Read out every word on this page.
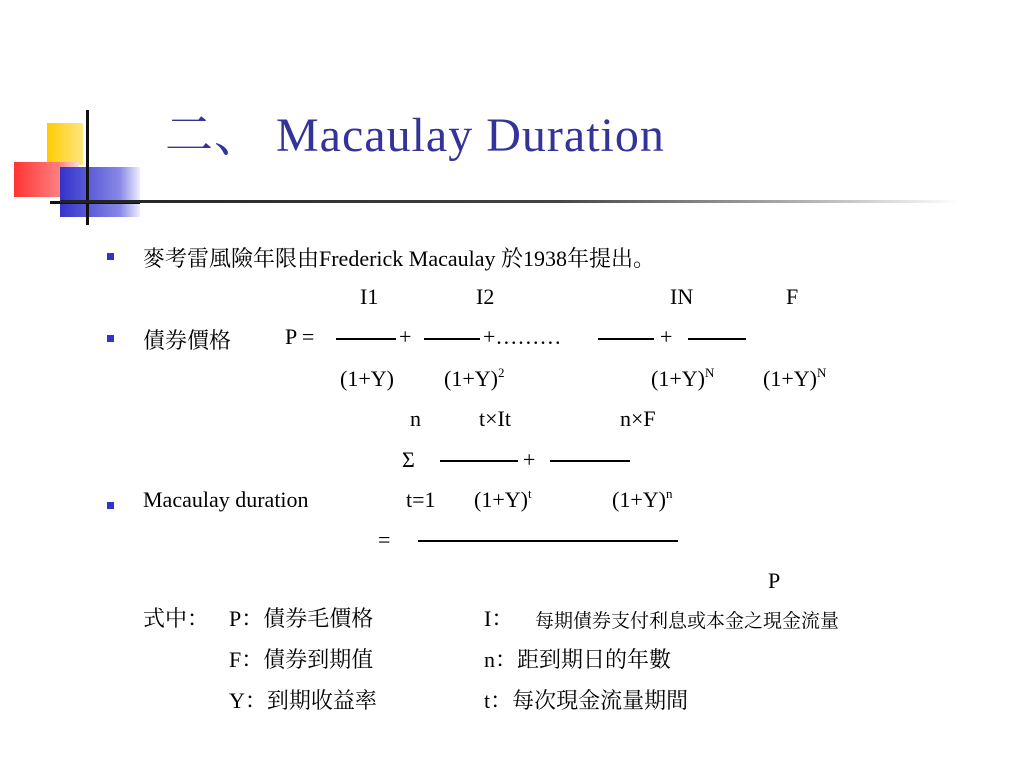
二、 Macaulay Duration
麥考雷風險年限由Frederick Macaulay 於1938年提出。
I1	I2	IN	F
債券價格　 P =	+	+………	+
(1+Y) $(1+Y)^2$	$(1+Y)^N$ $(1+Y)^N$
n	t×It	n×F
Σ	+
Macaulay duration	t=1 $(1+Y)^t$	$(1+Y)^n$
=
P
式中： P：債券毛價格	I： 每期債券支付利息或本金之現金流量
F：債券到期值	n：距到期日的年數
Y：到期收益率	t：每次現金流量期間
